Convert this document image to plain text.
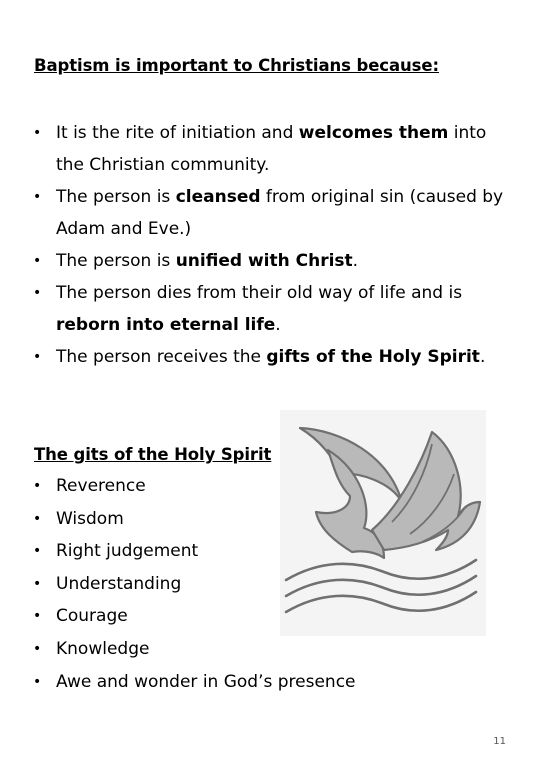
Baptism is important to Christians because:
• It is the rite of initiation and welcomes them into the Christian community.
• The person is cleansed from original sin (caused by Adam and Eve.)
• The person is unified with Christ.
• The person dies from their old way of life and is reborn into eternal life.
• The person receives the gifts of the Holy Spirit.
The gits of the Holy Spirit
• Reverence
• Wisdom
• Right judgement
• Understanding
• Courage
• Knowledge
• Awe and wonder in God’s presence
11
